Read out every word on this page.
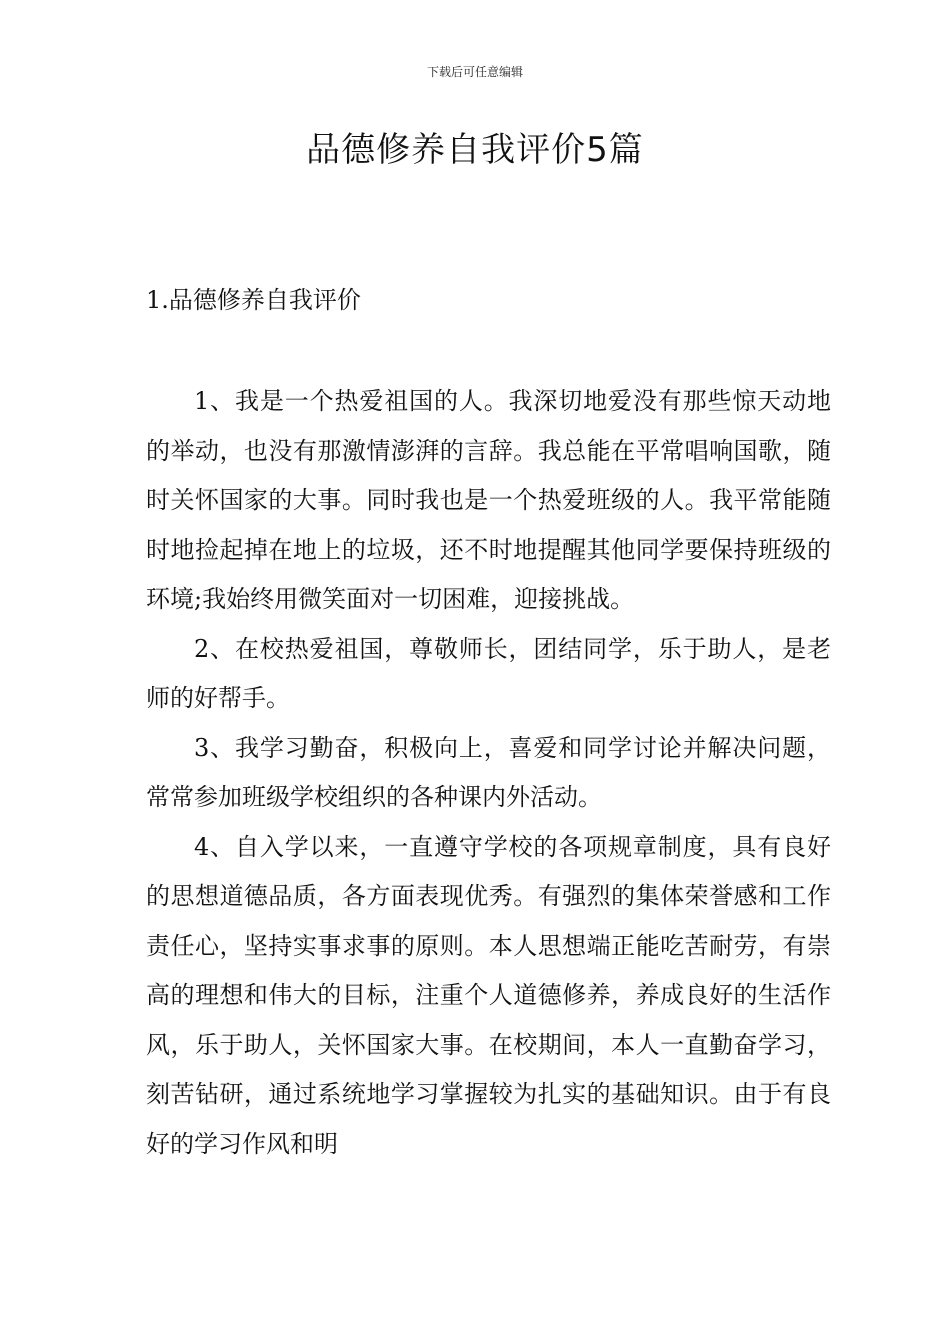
下载后可任意编辑
品德修养自我评价5篇
1.品德修养自我评价

1、我是一个热爱祖国的人。我深切地爱没有那些惊天动地的举动，也没有那激情澎湃的言辞。我总能在平常唱响国歌，随时关怀国家的大事。同时我也是一个热爱班级的人。我平常能随时地捡起掉在地上的垃圾，还不时地提醒其他同学要保持班级的环境;我始终用微笑面对一切困难，迎接挑战。

2、在校热爱祖国，尊敬师长，团结同学，乐于助人，是老师的好帮手。

3、我学习勤奋，积极向上，喜爱和同学讨论并解决问题，常常参加班级学校组织的各种课内外活动。

4、自入学以来，一直遵守学校的各项规章制度，具有良好的思想道德品质，各方面表现优秀。有强烈的集体荣誉感和工作责任心，坚持实事求事的原则。本人思想端正能吃苦耐劳，有崇高的理想和伟大的目标，注重个人道德修养，养成良好的生活作风，乐于助人，关怀国家大事。在校期间，本人一直勤奋学习，刻苦钻研，通过系统地学习掌握较为扎实的基础知识。由于有良好的学习作风和明
